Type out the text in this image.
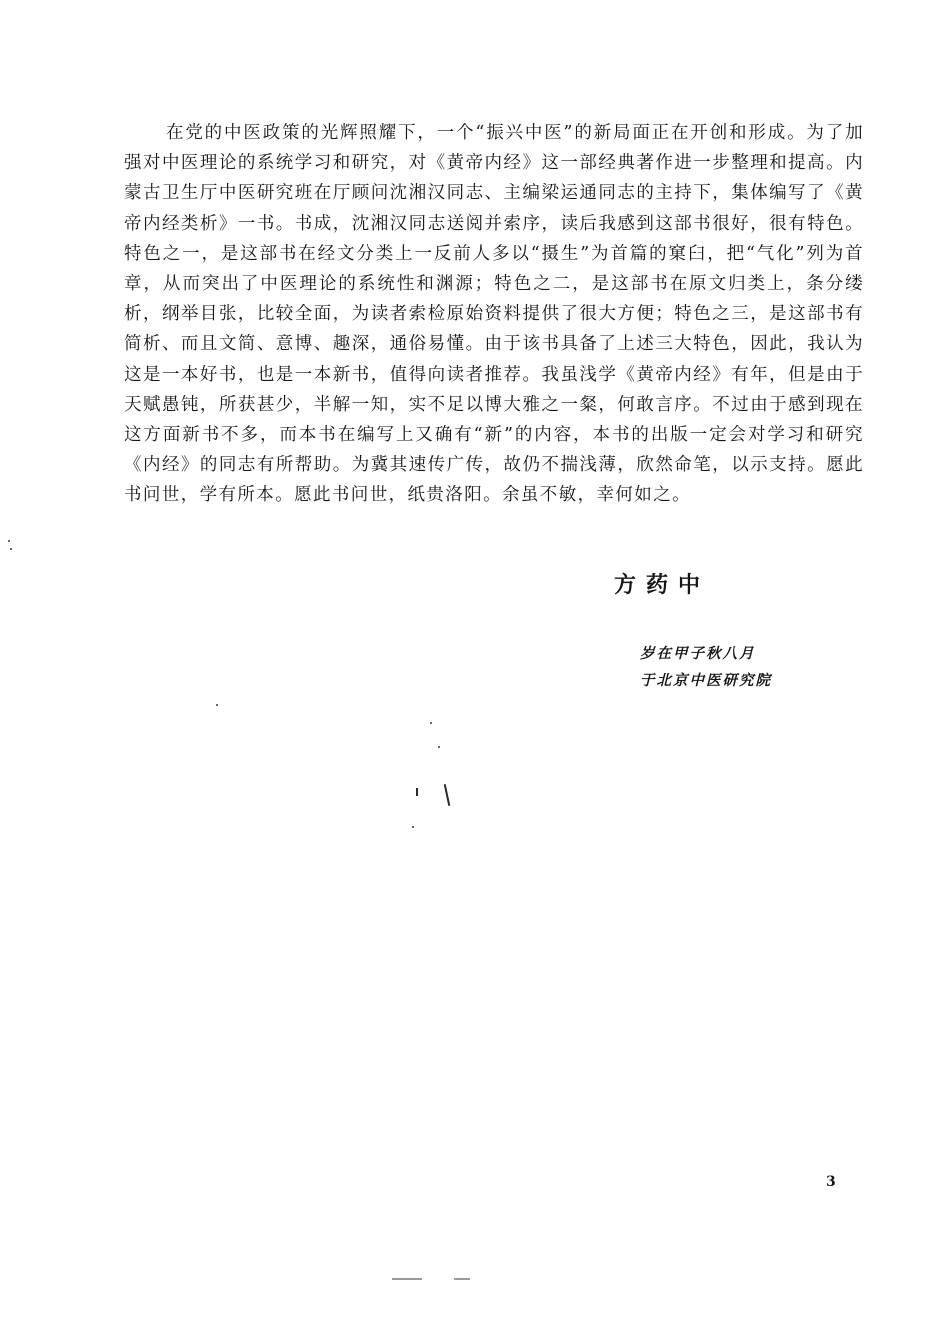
在党的中医政策的光辉照耀下，一个“振兴中医”的新局面正在开创和形成。为了加强对中医理论的系统学习和研究，对《黄帝内经》这一部经典著作进一步整理和提高。内蒙古卫生厅中医研究班在厅顾问沈湘汉同志、主编梁运通同志的主持下，集体编写了《黄帝内经类析》一书。书成，沈湘汉同志送阅并索序，读后我感到这部书很好，很有特色。特色之一，是这部书在经文分类上一反前人多以“摄生”为首篇的窠臼，把“气化”列为首章，从而突出了中医理论的系统性和渊源；特色之二，是这部书在原文归类上，条分缕析，纲举目张，比较全面，为读者索检原始资料提供了很大方便；特色之三，是这部书有简析、而且文简、意博、趣深，通俗易懂。由于该书具备了上述三大特色，因此，我认为这是一本好书，也是一本新书，值得向读者推荐。我虽浅学《黄帝内经》有年，但是由于天赋愚钝，所获甚少，半解一知，实不足以博大雅之一粲，何敢言序。不过由于感到现在这方面新书不多，而本书在编写上又确有“新”的内容，本书的出版一定会对学习和研究《内经》的同志有所帮助。为冀其速传广传，故仍不揣浅薄，欣然命笔，以示支持。愿此书问世，学有所本。愿此书问世，纸贵洛阳。余虽不敏，幸何如之。

方药中
岁在甲子秋八月
于北京中医研究院
3
